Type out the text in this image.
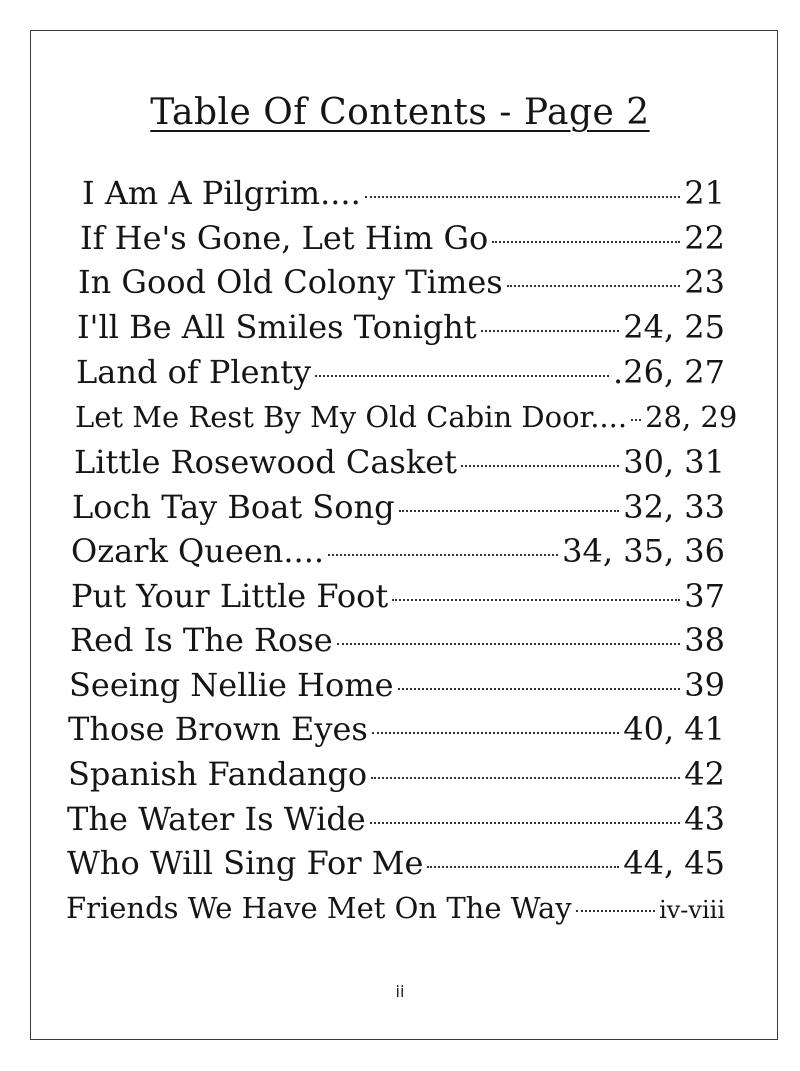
Table Of Contents - Page 2
I Am A Pilgrim....	21
If He's Gone, Let Him Go	22
In Good Old Colony Times	23
I'll Be All Smiles Tonight	24, 25
Land of Plenty	.26, 27
Let Me Rest By My Old Cabin Door.... 28, 29
Little Rosewood Casket	30, 31
Loch Tay Boat Song	32, 33
Ozark Queen....	34, 35, 36
Put Your Little Foot	37
Red Is The Rose	38
Seeing Nellie Home	39
Those Brown Eyes	40, 41
Spanish Fandango	42
The Water Is Wide	43
Who Will Sing For Me	44, 45
Friends We Have Met On The Way	iv-viii
ii
